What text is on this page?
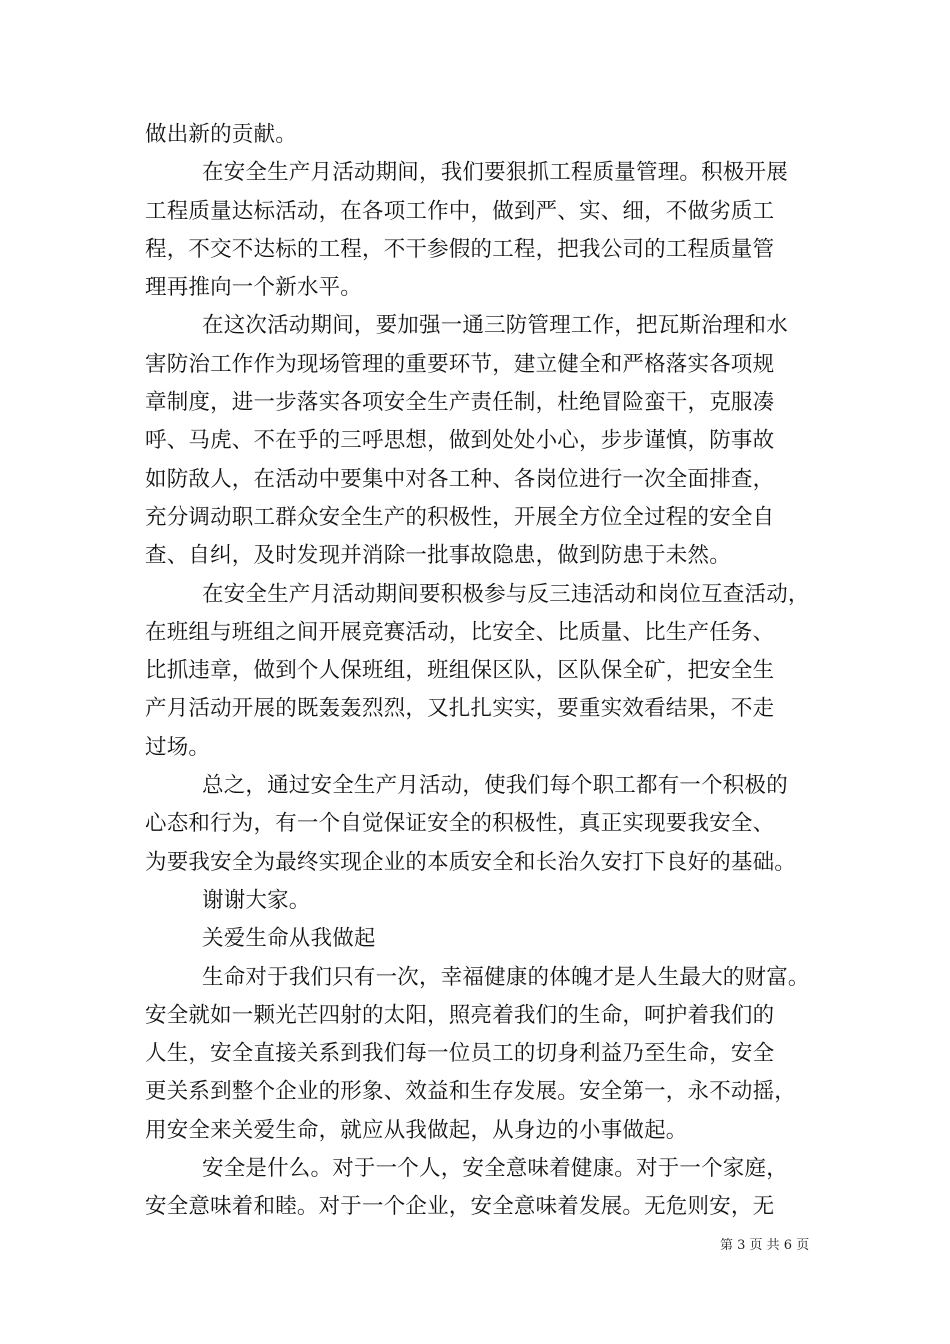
做出新的贡献。
在安全生产月活动期间，我们要狠抓工程质量管理。积极开展
工程质量达标活动，在各项工作中，做到严、实、细，不做劣质工
程，不交不达标的工程，不干参假的工程，把我公司的工程质量管
理再推向一个新水平。
在这次活动期间，要加强一通三防管理工作，把瓦斯治理和水
害防治工作作为现场管理的重要环节，建立健全和严格落实各项规
章制度，进一步落实各项安全生产责任制，杜绝冒险蛮干，克服凑
呼、马虎、不在乎的三呼思想，做到处处小心，步步谨慎，防事故
如防敌人，在活动中要集中对各工种、各岗位进行一次全面排查，
充分调动职工群众安全生产的积极性，开展全方位全过程的安全自
查、自纠，及时发现并消除一批事故隐患，做到防患于未然。
在安全生产月活动期间要积极参与反三违活动和岗位互查活动，
在班组与班组之间开展竞赛活动，比安全、比质量、比生产任务、
比抓违章，做到个人保班组，班组保区队，区队保全矿，把安全生
产月活动开展的既轰轰烈烈，又扎扎实实，要重实效看结果，不走
过场。
总之，通过安全生产月活动，使我们每个职工都有一个积极的
心态和行为，有一个自觉保证安全的积极性，真正实现要我安全、
为要我安全为最终实现企业的本质安全和长治久安打下良好的基础。
谢谢大家。
关爱生命从我做起
生命对于我们只有一次，幸福健康的体魄才是人生最大的财富。
安全就如一颗光芒四射的太阳，照亮着我们的生命，呵护着我们的
人生，安全直接关系到我们每一位员工的切身利益乃至生命，安全
更关系到整个企业的形象、效益和生存发展。安全第一，永不动摇，
用安全来关爱生命，就应从我做起，从身边的小事做起。
安全是什么。对于一个人，安全意味着健康。对于一个家庭，
安全意味着和睦。对于一个企业，安全意味着发展。无危则安，无
第 3 页 共 6 页
